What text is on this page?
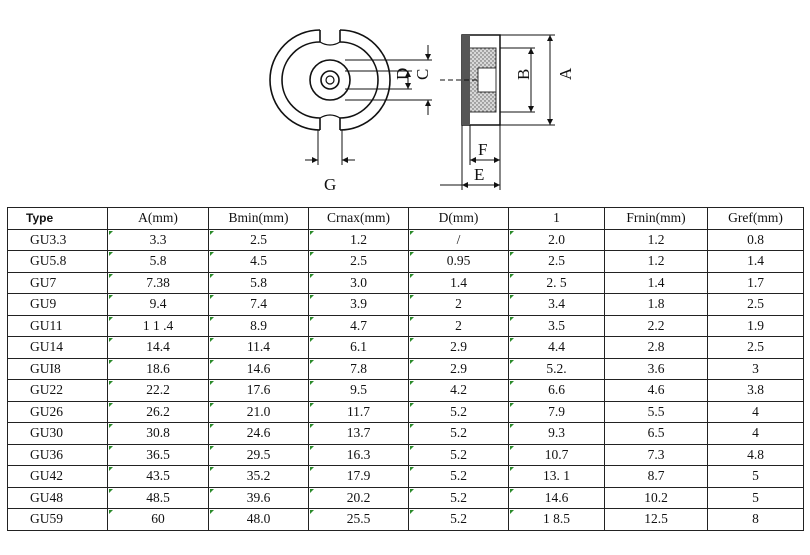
G
D C	A
B
F
E
Type	A(mm)	Bmin(mm)	Crnax(mm)	D(mm)	1	Frnin(mm)	Gref(mm)
GU3.3	3.3	2.5	1.2	/	2.0	1.2	0.8
GU5.8	5.8	4.5	2.5	0.95	2.5	1.2	1.4
GU7	7.38	5.8	3.0	1.4	2. 5	1.4	1.7
GU9	9.4	7.4	3.9	2	3.4	1.8	2.5
GU11	1 1 .4	8.9	4.7	2	3.5	2.2	1.9
GU14	14.4	11.4	6.1	2.9	4.4	2.8	2.5
GUI8	18.6	14.6	7.8	2.9	5.2.	3.6	3
GU22	22.2	17.6	9.5	4.2	6.6	4.6	3.8
GU26	26.2	21.0	11.7	5.2	7.9	5.5	4
GU30	30.8	24.6	13.7	5.2	9.3	6.5	4
GU36	36.5	29.5	16.3	5.2	10.7	7.3	4.8
GU42	43.5	35.2	17.9	5.2	13. 1	8.7	5
GU48	48.5	39.6	20.2	5.2	14.6	10.2	5
GU59	60	48.0	25.5	5.2	1 8.5	12.5	8
